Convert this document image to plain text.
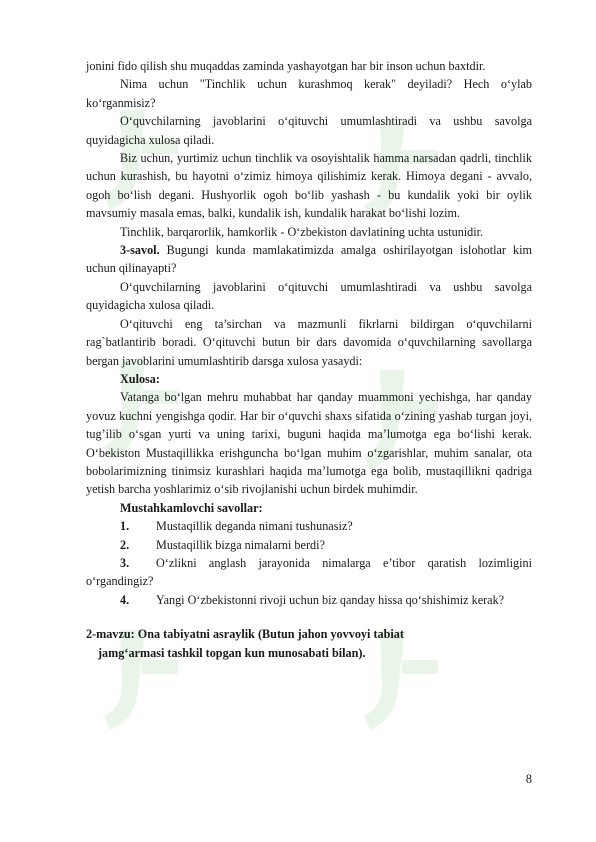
jonini fido qilish shu muqaddas zaminda yashayotgan har bir inson uchun baxtdir.

Nima uchun "Tinchlik uchun kurashmoq kerak" deyiladi? Hech o‘ylab ko‘rganmisiz?

O‘quvchilarning javoblarini o‘qituvchi umumlashtiradi va ushbu savolga quyidagicha xulosa qiladi.

Biz uchun, yurtimiz uchun tinchlik va osoyishtalik hamma narsadan qadrli, tinchlik uchun kurashish, bu hayotni o‘zimiz himoya qilishimiz kerak. Himoya degani - avvalo, ogoh bo‘lish degani. Hushyorlik ogoh bo‘lib yashash - bu kundalik yoki bir oylik mavsumiy masala emas, balki, kundalik ish, kundalik harakat bo‘lishi lozim.

Tinchlik, barqarorlik, hamkorlik - O‘zbekiston davlatining uchta ustunidir.

3-savol. Bugungi kunda mamlakatimizda amalga oshirilayotgan islohotlar kim uchun qilinayapti?

O‘quvchilarning javoblarini o‘qituvchi umumlashtiradi va ushbu savolga quyidagicha xulosa qiladi.

O‘qituvchi eng ta’sirchan va mazmunli fikrlarni bildirgan o‘quvchilarni rag`batlantirib boradi. O‘qituvchi butun bir dars davomida o‘quvchilarning savollarga bergan javoblarini umumlashtirib darsga xulosa yasaydi:

Xulosa:

Vatanga bo‘lgan mehru muhabbat har qanday muammoni yechishga, har qanday yovuz kuchni yengishga qodir. Har bir o‘quvchi shaxs sifatida o‘zining yashab turgan joyi, tug’ilib o‘sgan yurti va uning tarixi, buguni haqida ma’lumotga ega bo‘lishi kerak. O‘bekiston Mustaqillikka erishguncha bo‘lgan muhim o‘zgarishlar, muhim sanalar, ota bobolarimizning tinimsiz kurashlari haqida ma’lumotga ega bolib, mustaqillikni qadriga yetish barcha yoshlarimiz o‘sib rivojlanishi uchun birdek muhimdir.

Mustahkamlovchi savollar:

1. Mustaqillik deganda nimani tushunasiz?

2. Mustaqillik bizga nimalarni berdi?

3. O‘zlikni anglash jarayonida nimalarga e’tibor qaratish lozimligini o‘rgandingiz?

4. Yangi O‘zbekistonni rivoji uchun biz qanday hissa qo‘shishimiz kerak?

2-mavzu: Ona tabiyatni asraylik (Butun jahon yovvoyi tabiat
jamg‘armasi tashkil topgan kun munosabati bilan).

8
